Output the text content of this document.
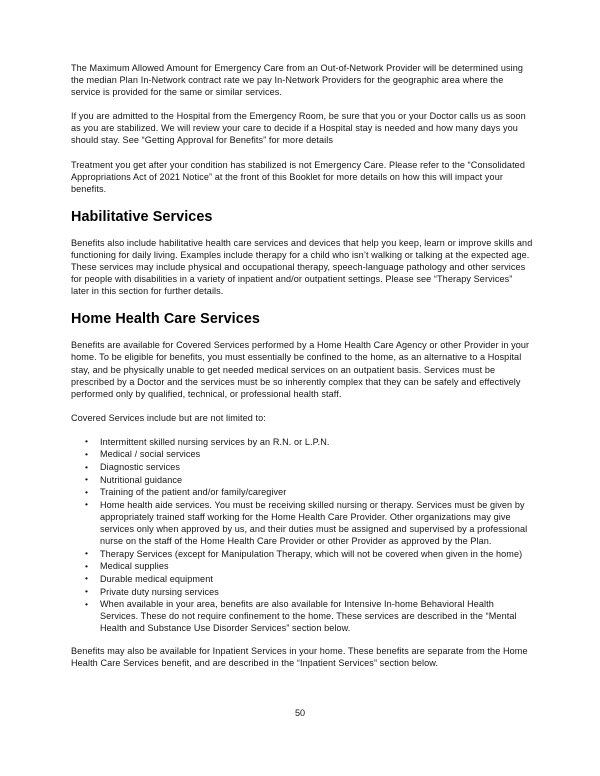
The Maximum Allowed Amount for Emergency Care from an Out-of-Network Provider will be determined using the median Plan In-Network contract rate we pay In-Network Providers for the geographic area where the service is provided for the same or similar services.

If you are admitted to the Hospital from the Emergency Room, be sure that you or your Doctor calls us as soon as you are stabilized. We will review your care to decide if a Hospital stay is needed and how many days you should stay. See “Getting Approval for Benefits” for more details

Treatment you get after your condition has stabilized is not Emergency Care. Please refer to the “Consolidated Appropriations Act of 2021 Notice” at the front of this Booklet for more details on how this will impact your benefits.

Habilitative Services

Benefits also include habilitative health care services and devices that help you keep, learn or improve skills and functioning for daily living. Examples include therapy for a child who isn’t walking or talking at the expected age. These services may include physical and occupational therapy, speech-language pathology and other services for people with disabilities in a variety of inpatient and/or outpatient settings. Please see “Therapy Services” later in this section for further details.

Home Health Care Services

Benefits are available for Covered Services performed by a Home Health Care Agency or other Provider in your home. To be eligible for benefits, you must essentially be confined to the home, as an alternative to a Hospital stay, and be physically unable to get needed medical services on an outpatient basis. Services must be prescribed by a Doctor and the services must be so inherently complex that they can be safely and effectively performed only by qualified, technical, or professional health staff.

Covered Services include but are not limited to:

• Intermittent skilled nursing services by an R.N. or L.P.N.
• Medical / social services
• Diagnostic services
• Nutritional guidance
• Training of the patient and/or family/caregiver
• Home health aide services. You must be receiving skilled nursing or therapy. Services must be given by appropriately trained staff working for the Home Health Care Provider. Other organizations may give services only when approved by us, and their duties must be assigned and supervised by a professional nurse on the staff of the Home Health Care Provider or other Provider as approved by the Plan.
• Therapy Services (except for Manipulation Therapy, which will not be covered when given in the home)
• Medical supplies
• Durable medical equipment
• Private duty nursing services
• When available in your area, benefits are also available for Intensive In-home Behavioral Health Services. These do not require confinement to the home. These services are described in the “Mental Health and Substance Use Disorder Services” section below.

Benefits may also be available for Inpatient Services in your home. These benefits are separate from the Home Health Care Services benefit, and are described in the “Inpatient Services” section below.

50
